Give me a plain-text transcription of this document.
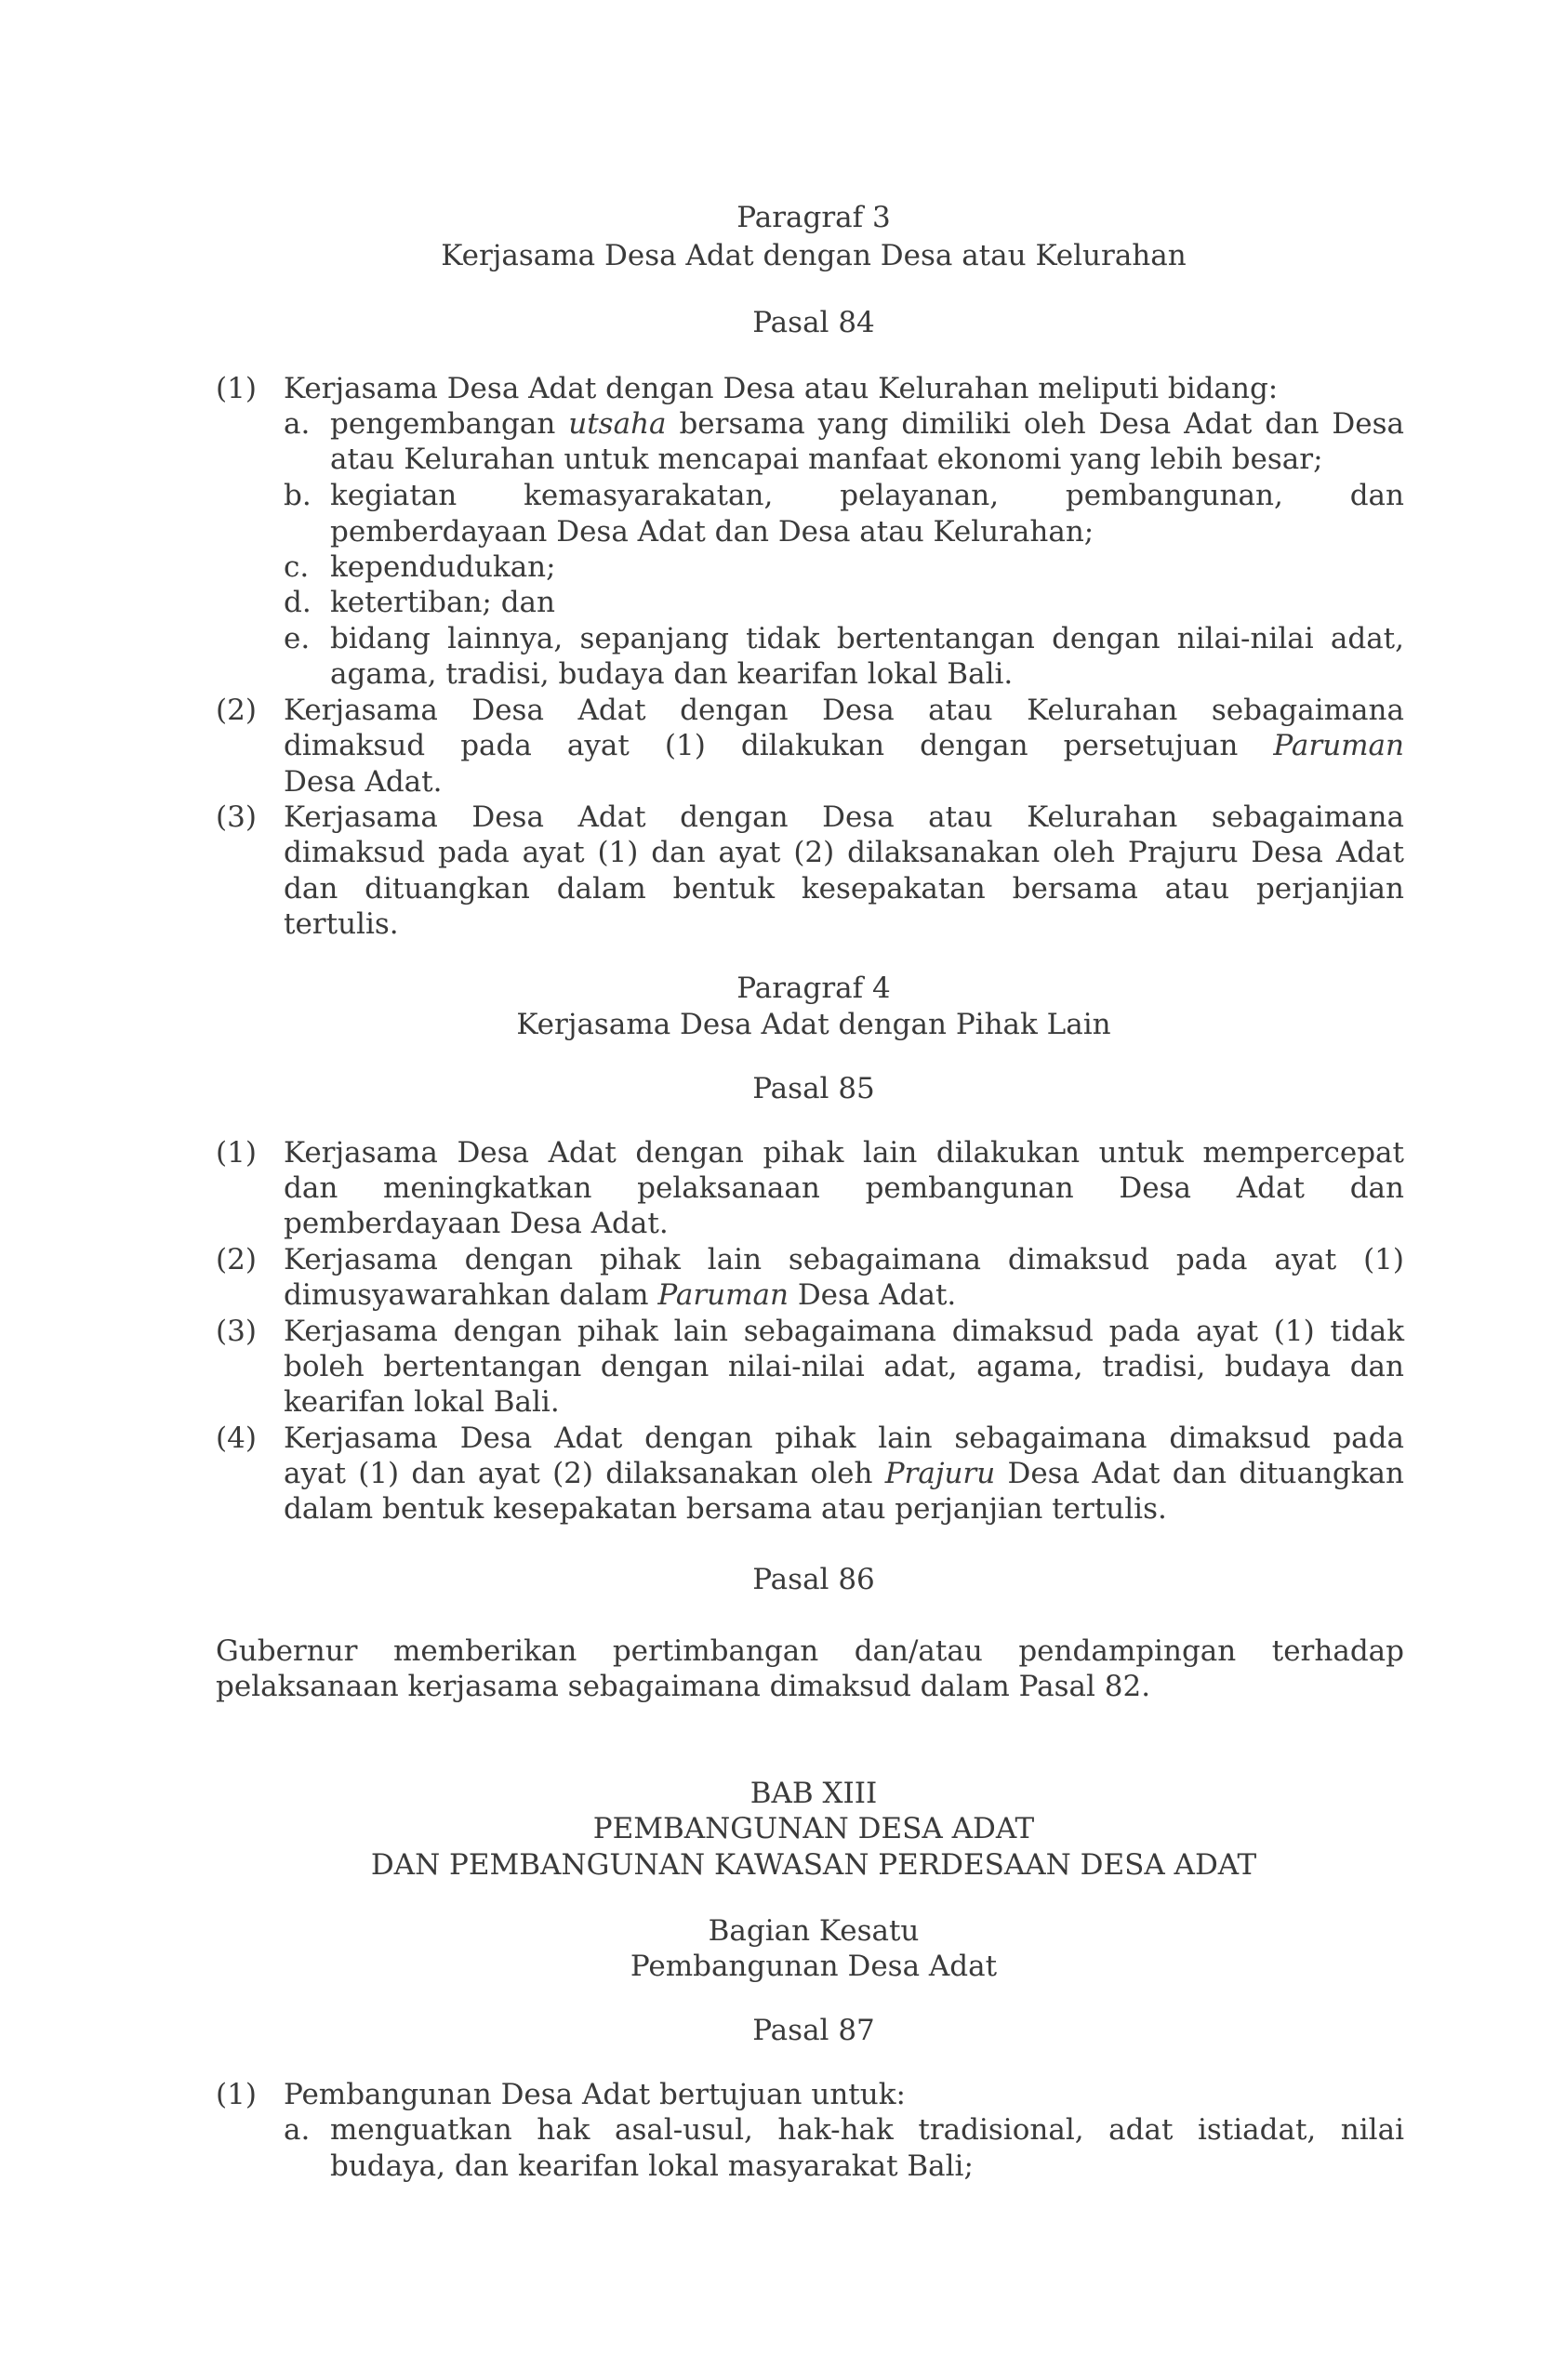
Paragraf 3
Kerjasama Desa Adat dengan Desa atau Kelurahan
Pasal 84
(1) Kerjasama Desa Adat dengan Desa atau Kelurahan meliputi bidang:
a. pengembangan utsaha bersama yang dimiliki oleh Desa Adat dan Desa
atau Kelurahan untuk mencapai manfaat ekonomi yang lebih besar;
b. kegiatan kemasyarakatan, pelayanan, pembangunan, dan
pemberdayaan Desa Adat dan Desa atau Kelurahan;
c. kependudukan;
d. ketertiban; dan
e. bidang lainnya, sepanjang tidak bertentangan dengan nilai-nilai adat,
agama, tradisi, budaya dan kearifan lokal Bali.
(2) Kerjasama Desa Adat dengan Desa atau Kelurahan sebagaimana
dimaksud pada ayat (1) dilakukan dengan persetujuan Paruman
Desa Adat.
(3) Kerjasama Desa Adat dengan Desa atau Kelurahan sebagaimana
dimaksud pada ayat (1) dan ayat (2) dilaksanakan oleh Prajuru Desa Adat
dan dituangkan dalam bentuk kesepakatan bersama atau perjanjian
tertulis.
Paragraf 4
Kerjasama Desa Adat dengan Pihak Lain
Pasal 85
(1) Kerjasama Desa Adat dengan pihak lain dilakukan untuk mempercepat
dan meningkatkan pelaksanaan pembangunan Desa Adat dan
pemberdayaan Desa Adat.
(2) Kerjasama dengan pihak lain sebagaimana dimaksud pada ayat (1)
dimusyawarahkan dalam Paruman Desa Adat.
(3) Kerjasama dengan pihak lain sebagaimana dimaksud pada ayat (1) tidak
boleh bertentangan dengan nilai-nilai adat, agama, tradisi, budaya dan
kearifan lokal Bali.
(4) Kerjasama Desa Adat dengan pihak lain sebagaimana dimaksud pada
ayat (1) dan ayat (2) dilaksanakan oleh Prajuru Desa Adat dan dituangkan
dalam bentuk kesepakatan bersama atau perjanjian tertulis.
Pasal 86
Gubernur memberikan pertimbangan dan/atau pendampingan terhadap
pelaksanaan kerjasama sebagaimana dimaksud dalam Pasal 82.
BAB XIII
PEMBANGUNAN DESA ADAT
DAN PEMBANGUNAN KAWASAN PERDESAAN DESA ADAT
Bagian Kesatu
Pembangunan Desa Adat
Pasal 87
(1) Pembangunan Desa Adat bertujuan untuk:
a. menguatkan hak asal-usul, hak-hak tradisional, adat istiadat, nilai
budaya, dan kearifan lokal masyarakat Bali;
